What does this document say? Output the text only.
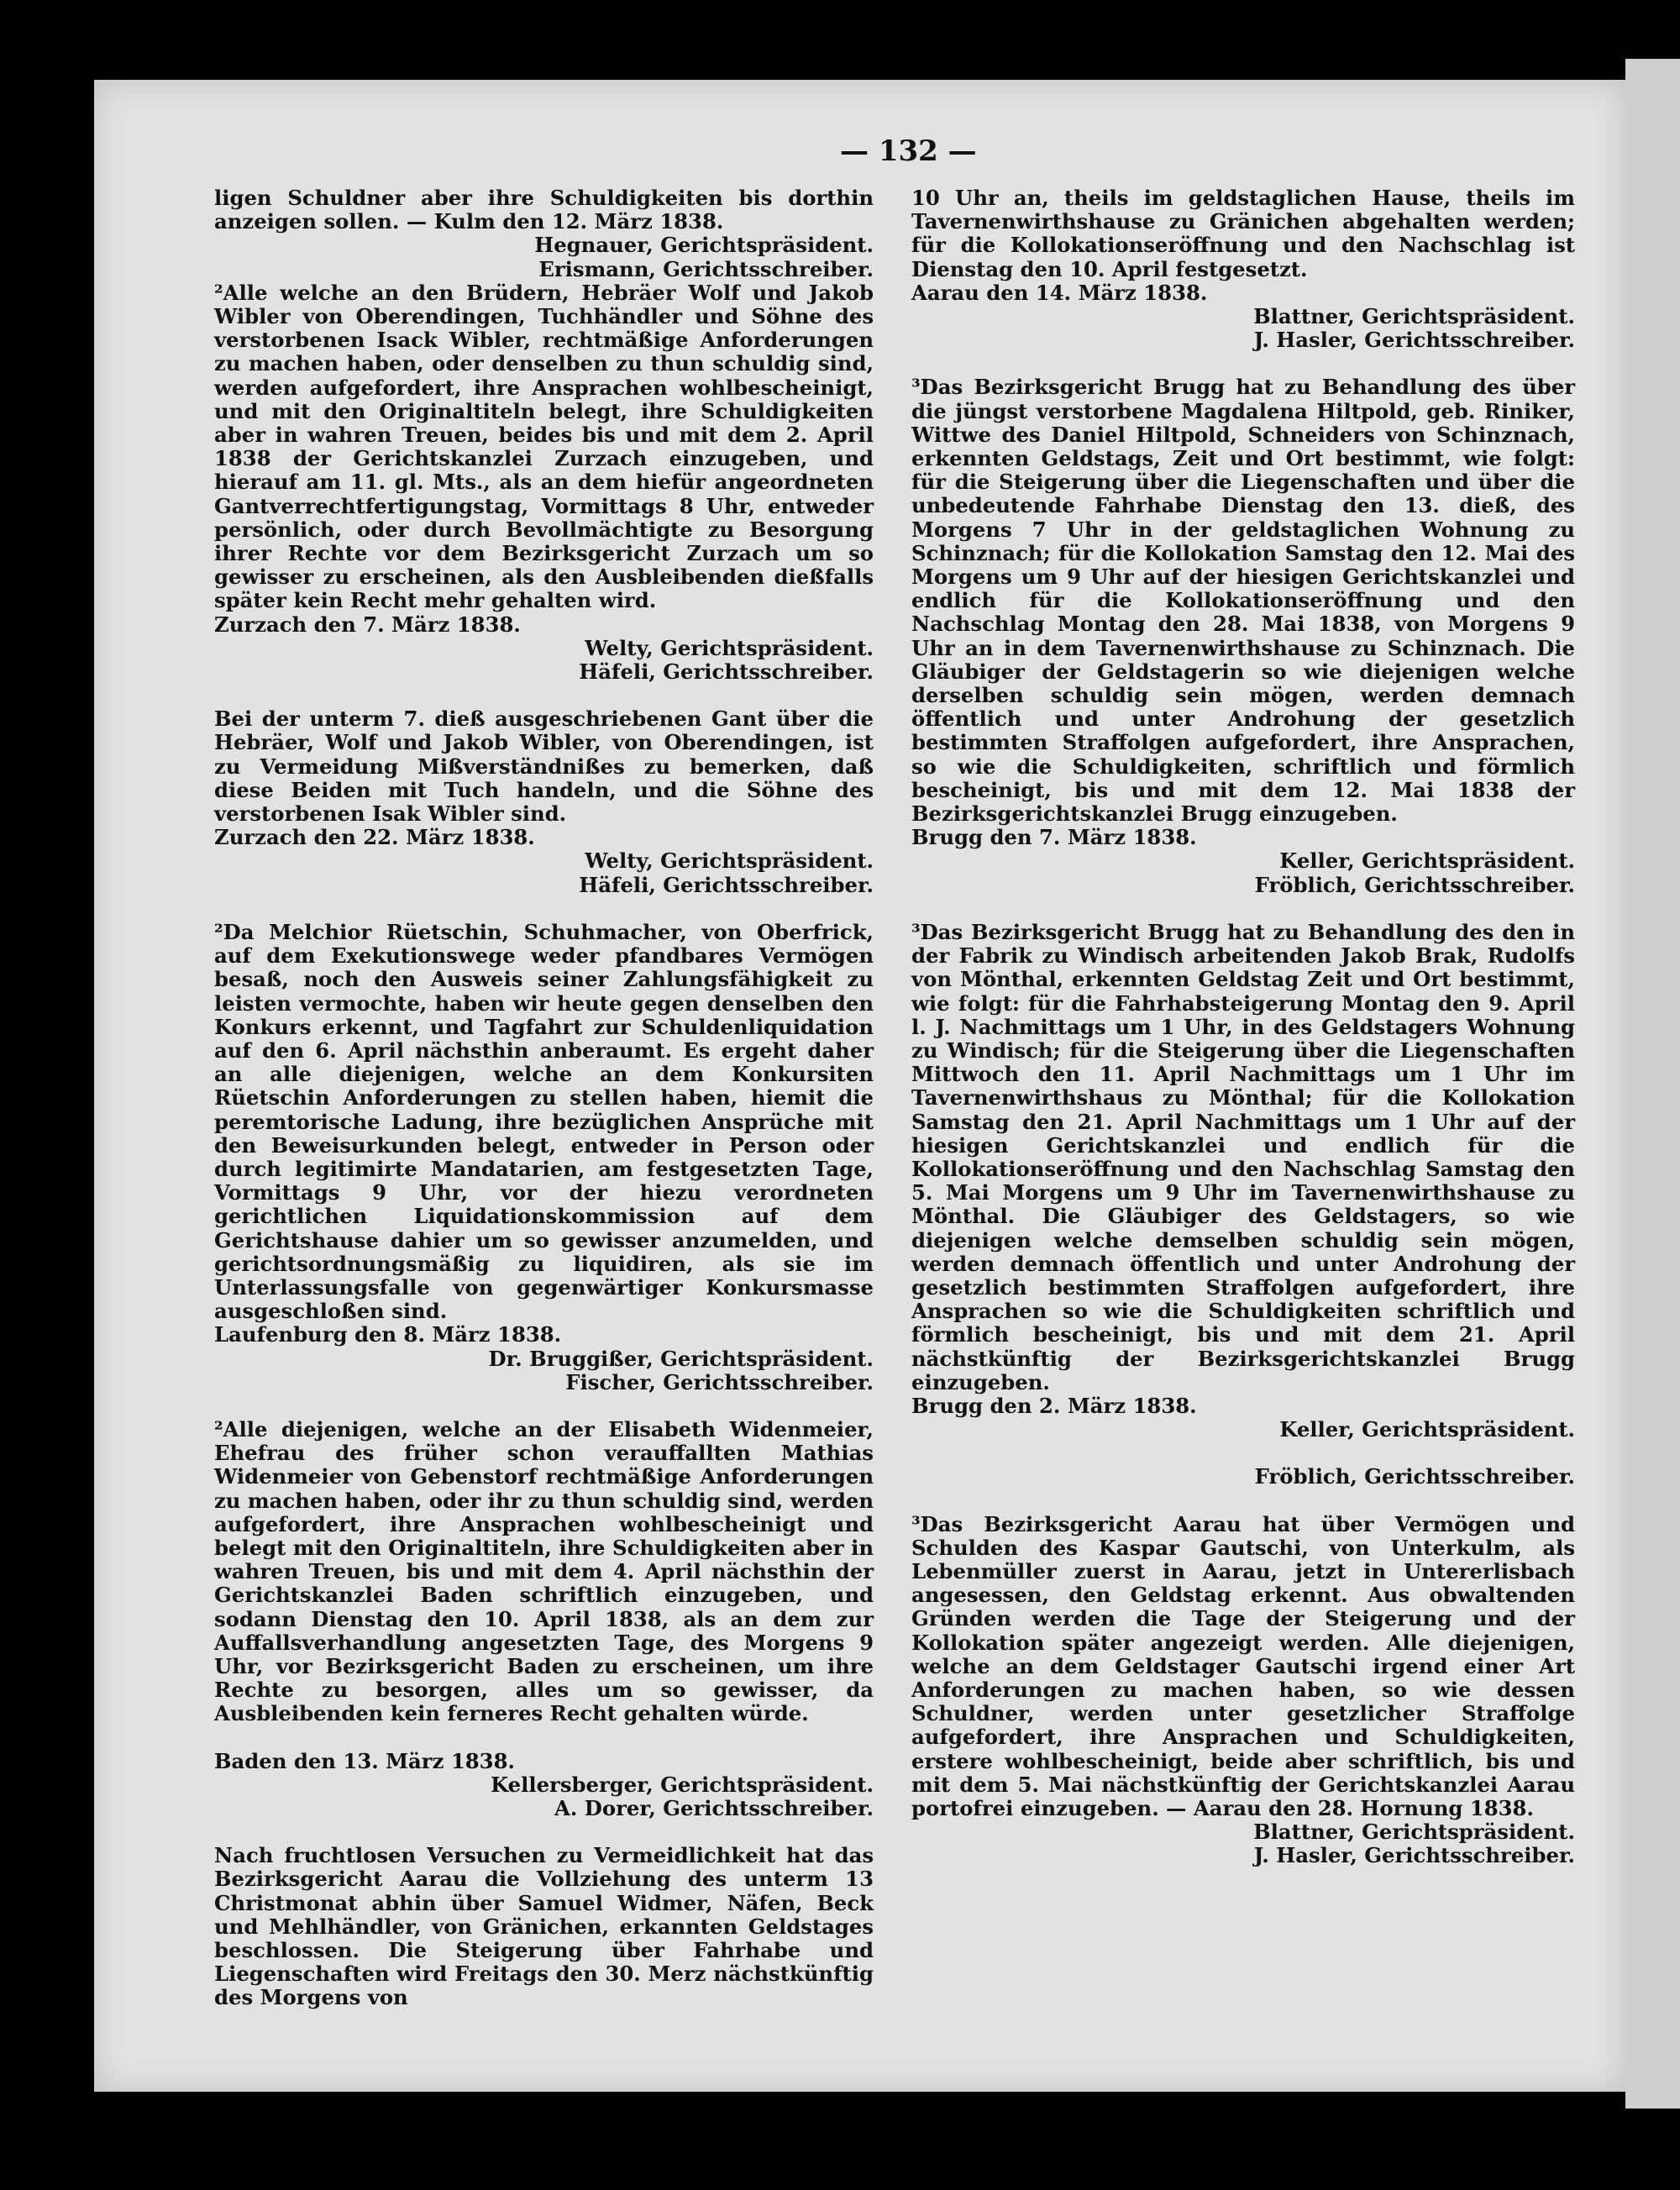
— 132 —

ligen Schuldner aber ihre Schuldigkeiten bis dorthin anzeigen sollen. — Kulm den 12. März 1838.

Hegnauer, Gerichtspräsident.

Erismann, Gerichtsschreiber.

²Alle welche an den Brüdern, Hebräer Wolf und Jakob Wibler von Oberendingen, Tuchhändler und Söhne des verstorbenen Isack Wibler, rechtmäßige Anforderungen zu machen haben, oder denselben zu thun schuldig sind, werden aufgefordert, ihre Ansprachen wohlbescheinigt, und mit den Originaltiteln belegt, ihre Schuldigkeiten aber in wahren Treuen, beides bis und mit dem 2. April 1838 der Gerichtskanzlei Zurzach einzugeben, und hierauf am 11. gl. Mts., als an dem hiefür angeordneten Gantverrechtfertigungstag, Vormittags 8 Uhr, entweder persönlich, oder durch Bevollmächtigte zu Besorgung ihrer Rechte vor dem Bezirksgericht Zurzach um so gewisser zu erscheinen, als den Ausbleibenden dießfalls später kein Recht mehr gehalten wird.

Zurzach den 7. März 1838.

Welty, Gerichtspräsident.

Häfeli, Gerichtsschreiber.

Bei der unterm 7. dieß ausgeschriebenen Gant über die Hebräer, Wolf und Jakob Wibler, von Oberendingen, ist zu Vermeidung Mißverständnißes zu bemerken, daß diese Beiden mit Tuch handeln, und die Söhne des verstorbenen Isak Wibler sind.

Zurzach den 22. März 1838.

Welty, Gerichtspräsident.

Häfeli, Gerichtsschreiber.

²Da Melchior Rüetschin, Schuhmacher, von Oberfrick, auf dem Exekutionswege weder pfandbares Vermögen besaß, noch den Ausweis seiner Zahlungsfähigkeit zu leisten vermochte, haben wir heute gegen denselben den Konkurs erkennt, und Tagfahrt zur Schuldenliquidation auf den 6. April nächsthin anberaumt. Es ergeht daher an alle diejenigen, welche an dem Konkursiten Rüetschin Anforderungen zu stellen haben, hiemit die peremtorische Ladung, ihre bezüglichen Ansprüche mit den Beweisurkunden belegt, entweder in Person oder durch legitimirte Mandatarien, am festgesetzten Tage, Vormittags 9 Uhr, vor der hiezu verordneten gerichtlichen Liquidationskommission auf dem Gerichtshause dahier um so gewisser anzumelden, und gerichtsordnungsmäßig zu liquidiren, als sie im Unterlassungsfalle von gegenwärtiger Konkursmasse ausgeschloßen sind.

Laufenburg den 8. März 1838.

Dr. Bruggißer, Gerichtspräsident.

Fischer, Gerichtsschreiber.

²Alle diejenigen, welche an der Elisabeth Widenmeier, Ehefrau des früher schon verauffallten Mathias Widenmeier von Gebenstorf rechtmäßige Anforderungen zu machen haben, oder ihr zu thun schuldig sind, werden aufgefordert, ihre Ansprachen wohlbescheinigt und belegt mit den Originaltiteln, ihre Schuldigkeiten aber in wahren Treuen, bis und mit dem 4. April nächsthin der Gerichtskanzlei Baden schriftlich einzugeben, und sodann Dienstag den 10. April 1838, als an dem zur Auffallsverhandlung angesetzten Tage, des Morgens 9 Uhr, vor Bezirksgericht Baden zu erscheinen, um ihre Rechte zu besorgen, alles um so gewisser, da Ausbleibenden kein ferneres Recht gehalten würde.

Baden den 13. März 1838.

Kellersberger, Gerichtspräsident.

A. Dorer, Gerichtsschreiber.

Nach fruchtlosen Versuchen zu Vermeidlichkeit hat das Bezirksgericht Aarau die Vollziehung des unterm 13 Christmonat abhin über Samuel Widmer, Näfen, Beck und Mehlhändler, von Gränichen, erkannten Geldstages beschlossen. Die Steigerung über Fahrhabe und Liegenschaften wird Freitags den 30. Merz nächstkünftig des Morgens von

10 Uhr an, theils im geldstaglichen Hause, theils im Tavernenwirthshause zu Gränichen abgehalten werden; für die Kollokationseröffnung und den Nachschlag ist Dienstag den 10. April festgesetzt.

Aarau den 14. März 1838.

Blattner, Gerichtspräsident.

J. Hasler, Gerichtsschreiber.

³Das Bezirksgericht Brugg hat zu Behandlung des über die jüngst verstorbene Magdalena Hiltpold, geb. Riniker, Wittwe des Daniel Hiltpold, Schneiders von Schinznach, erkennten Geldstags, Zeit und Ort bestimmt, wie folgt: für die Steigerung über die Liegenschaften und über die unbedeutende Fahrhabe Dienstag den 13. dieß, des Morgens 7 Uhr in der geldstaglichen Wohnung zu Schinznach; für die Kollokation Samstag den 12. Mai des Morgens um 9 Uhr auf der hiesigen Gerichtskanzlei und endlich für die Kollokationseröffnung und den Nachschlag Montag den 28. Mai 1838, von Morgens 9 Uhr an in dem Tavernenwirthshause zu Schinznach. Die Gläubiger der Geldstagerin so wie diejenigen welche derselben schuldig sein mögen, werden demnach öffentlich und unter Androhung der gesetzlich bestimmten Straffolgen aufgefordert, ihre Ansprachen, so wie die Schuldigkeiten, schriftlich und förmlich bescheinigt, bis und mit dem 12. Mai 1838 der Bezirksgerichtskanzlei Brugg einzugeben.

Brugg den 7. März 1838.

Keller, Gerichtspräsident.

Fröblich, Gerichtsschreiber.

³Das Bezirksgericht Brugg hat zu Behandlung des den in der Fabrik zu Windisch arbeitenden Jakob Brak, Rudolfs von Mönthal, erkennten Geldstag Zeit und Ort bestimmt, wie folgt: für die Fahrhabsteigerung Montag den 9. April l. J. Nachmittags um 1 Uhr, in des Geldstagers Wohnung zu Windisch; für die Steigerung über die Liegenschaften Mittwoch den 11. April Nachmittags um 1 Uhr im Tavernenwirthshaus zu Mönthal; für die Kollokation Samstag den 21. April Nachmittags um 1 Uhr auf der hiesigen Gerichtskanzlei und endlich für die Kollokationseröffnung und den Nachschlag Samstag den 5. Mai Morgens um 9 Uhr im Tavernenwirthshause zu Mönthal. Die Gläubiger des Geldstagers, so wie diejenigen welche demselben schuldig sein mögen, werden demnach öffentlich und unter Androhung der gesetzlich bestimmten Straffolgen aufgefordert, ihre Ansprachen so wie die Schuldigkeiten schriftlich und förmlich bescheinigt, bis und mit dem 21. April nächstkünftig der Bezirksgerichtskanzlei Brugg einzugeben.

Brugg den 2. März 1838.

Keller, Gerichtspräsident.

Fröblich, Gerichtsschreiber.

³Das Bezirksgericht Aarau hat über Vermögen und Schulden des Kaspar Gautschi, von Unterkulm, als Lebenmüller zuerst in Aarau, jetzt in Untererlisbach angesessen, den Geldstag erkennt. Aus obwaltenden Gründen werden die Tage der Steigerung und der Kollokation später angezeigt werden. Alle diejenigen, welche an dem Geldstager Gautschi irgend einer Art Anforderungen zu machen haben, so wie dessen Schuldner, werden unter gesetzlicher Straffolge aufgefordert, ihre Ansprachen und Schuldigkeiten, erstere wohlbescheinigt, beide aber schriftlich, bis und mit dem 5. Mai nächstkünftig der Gerichtskanzlei Aarau portofrei einzugeben. — Aarau den 28. Hornung 1838.

Blattner, Gerichtspräsident.

J. Hasler, Gerichtsschreiber.
